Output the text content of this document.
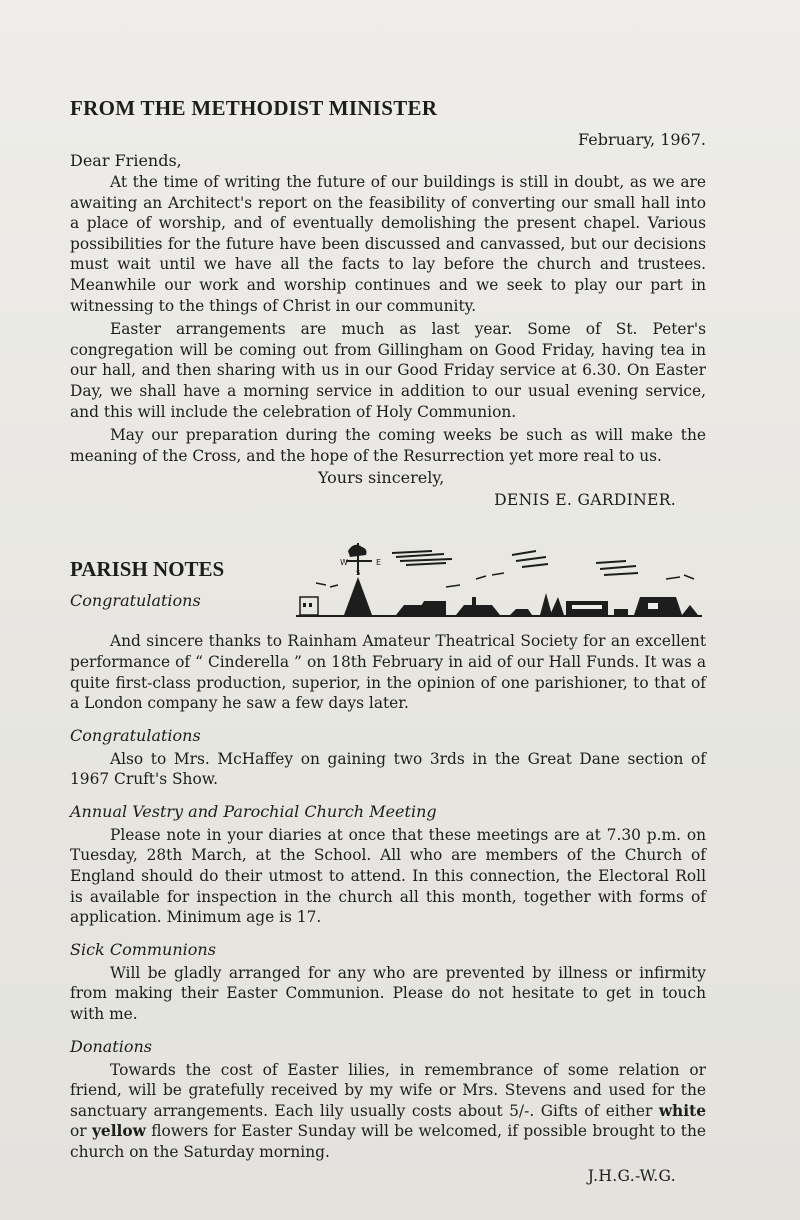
FROM THE METHODIST MINISTER

February, 1967.

Dear Friends,

At the time of writing the future of our buildings is still in doubt, as we are awaiting an Architect's report on the feasibility of converting our small hall into a place of worship, and of eventually demolishing the present chapel. Various possibilities for the future have been discussed and canvassed, but our decisions must wait until we have all the facts to lay before the church and trustees. Meanwhile our work and worship continues and we seek to play our part in witnessing to the things of Christ in our community.

Easter arrangements are much as last year. Some of St. Peter's congregation will be coming out from Gillingham on Good Friday, having tea in our hall, and then sharing with us in our Good Friday service at 6.30. On Easter Day, we shall have a morning service in addition to our usual evening service, and this will include the celebration of Holy Communion.

May our preparation during the coming weeks be such as will make the meaning of the Cross, and the hope of the Resurrection yet more real to us.

Yours sincerely,

DENIS E. GARDINER.

PARISH NOTES
Congratulations
W	E
S

And sincere thanks to Rainham Amateur Theatrical Society for an excellent performance of “ Cinderella ” on 18th February in aid of our Hall Funds. It was a quite first-class production, superior, in the opinion of one parishioner, to that of a London company he saw a few days later.

Congratulations

Also to Mrs. McHaffey on gaining two 3rds in the Great Dane section of 1967 Cruft's Show.

Annual Vestry and Parochial Church Meeting

Please note in your diaries at once that these meetings are at 7.30 p.m. on Tuesday, 28th March, at the School. All who are members of the Church of England should do their utmost to attend. In this connection, the Electoral Roll is available for inspection in the church all this month, together with forms of application. Minimum age is 17.

Sick Communions

Will be gladly arranged for any who are prevented by illness or infirmity from making their Easter Communion. Please do not hesitate to get in touch with me.

Donations

Towards the cost of Easter lilies, in remembrance of some relation or friend, will be gratefully received by my wife or Mrs. Stevens and used for the sanctuary arrangements. Each lily usually costs about 5/-. Gifts of either white or yellow flowers for Easter Sunday will be welcomed, if possible brought to the church on the Saturday morning.

J.H.G.-W.G.
